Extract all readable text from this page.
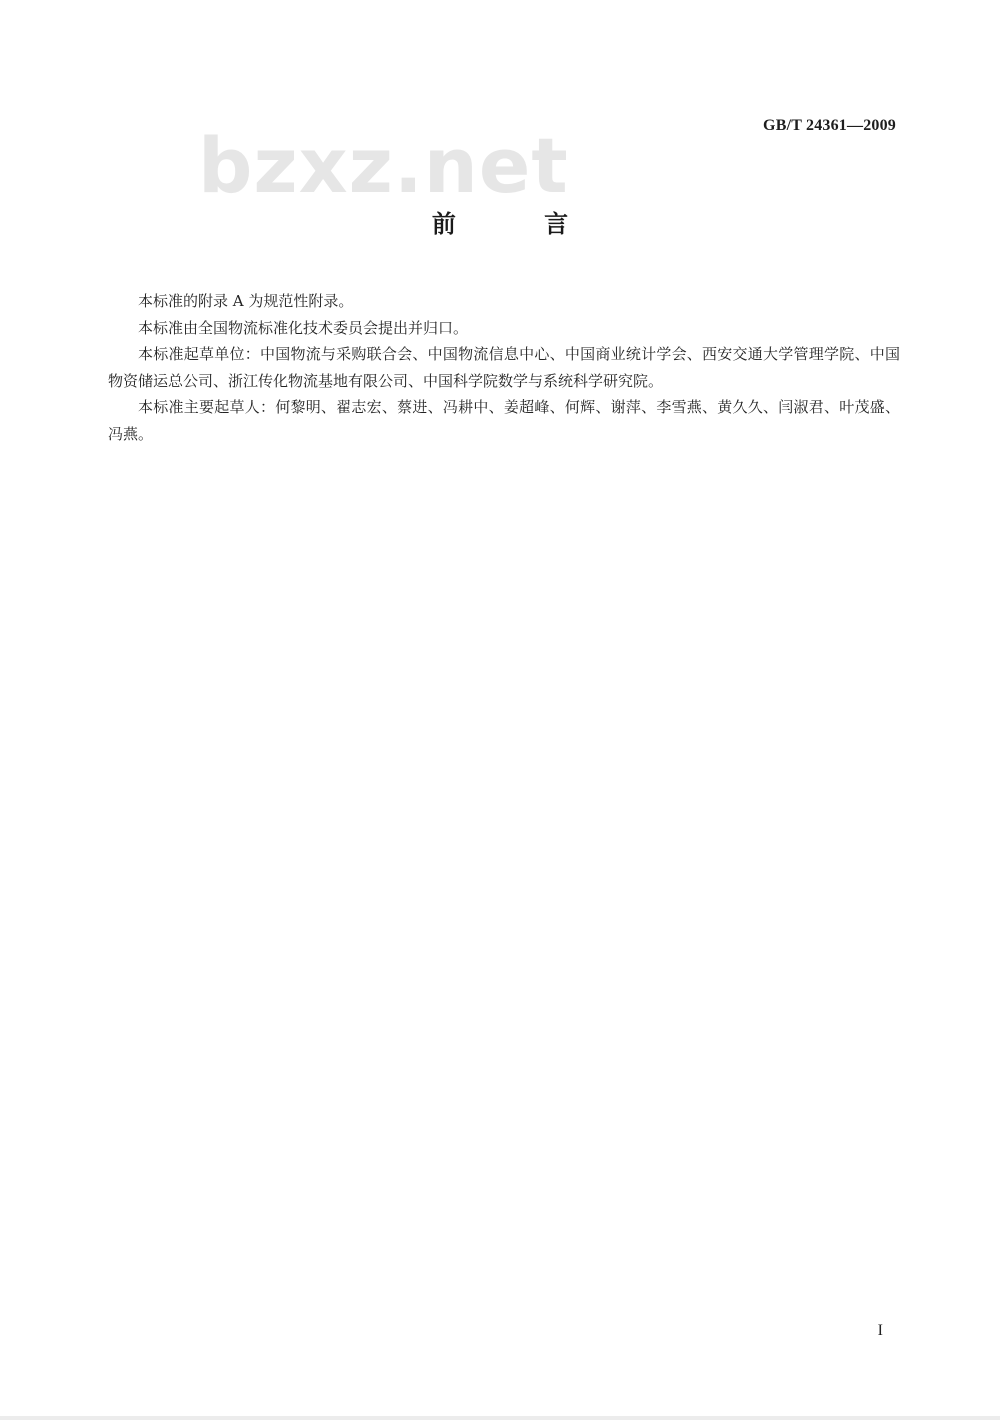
bzxz.net	GB/T 24361—2009
前 言

本标准的附录 A 为规范性附录。

本标准由全国物流标准化技术委员会提出并归口。

本标准起草单位：中国物流与采购联合会、中国物流信息中心、中国商业统计学会、西安交通大学管理学院、中国物资储运总公司、浙江传化物流基地有限公司、中国科学院数学与系统科学研究院。

本标准主要起草人：何黎明、翟志宏、蔡进、冯耕中、姜超峰、何辉、谢萍、李雪燕、黄久久、闫淑君、叶茂盛、冯燕。

I
